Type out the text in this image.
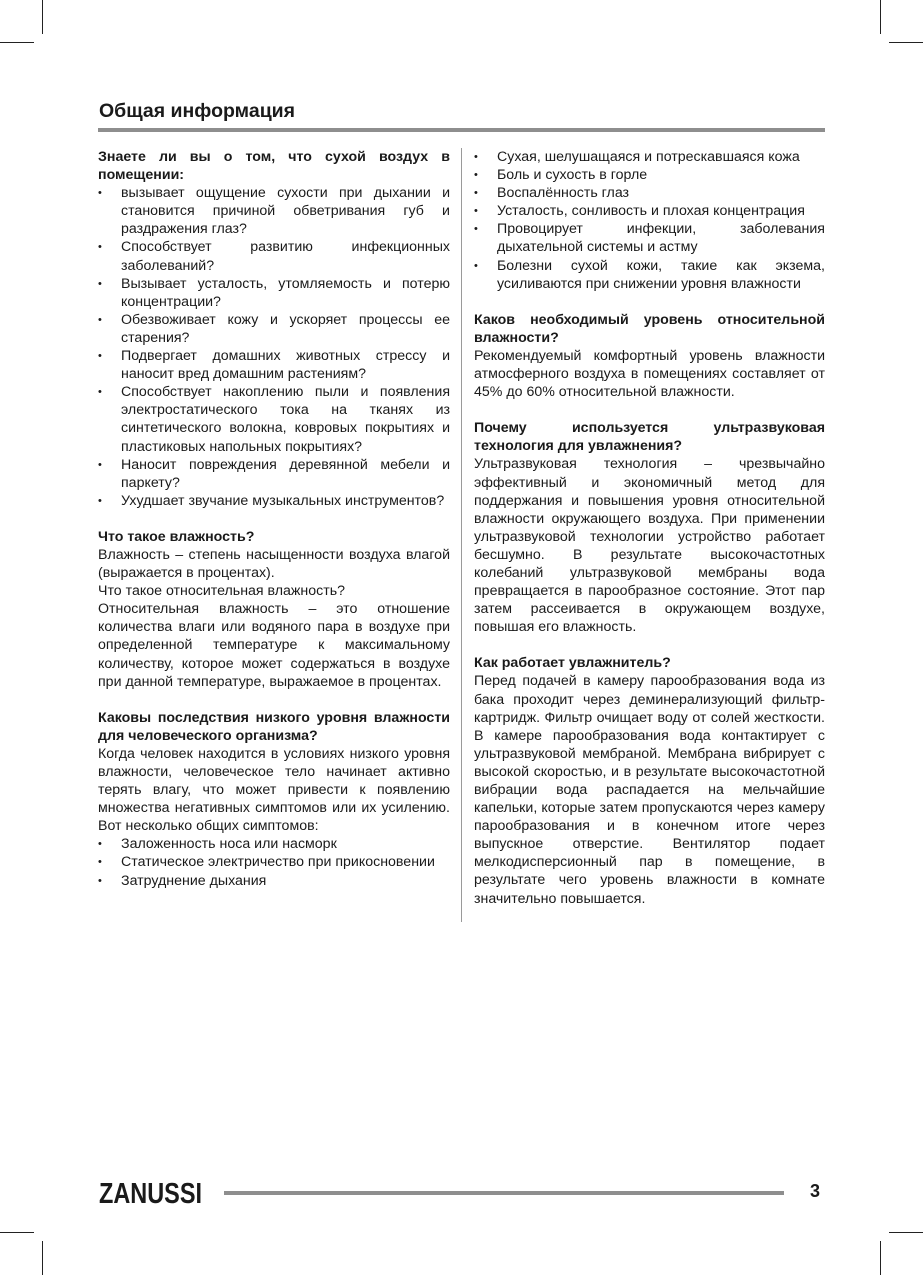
Общая информация
Знаете ли вы о том, что сухой воздух в помещении:
• вызывает ощущение сухости при дыхании и становится причиной обветривания губ и раздражения глаз?
• Способствует развитию инфекционных заболеваний?
• Вызывает усталость, утомляемость и потерю концентрации?
• Обезвоживает кожу и ускоряет процессы ее старения?
• Подвергает домашних животных стрессу и наносит вред домашним растениям?
• Способствует накоплению пыли и появления электростатического тока на тканях из синтетического волокна, ковровых покрытиях и пластиковых напольных покрытиях?
• Наносит повреждения деревянной мебели и паркету?
• Ухудшает звучание музыкальных инструментов?
Что такое влажность?

Влажность – степень насыщенности воздуха влагой (выражается в процентах).

Что такое относительная влажность?

Относительная влажность – это отношение количества влаги или водяного пара в воздухе при определенной температуре к максимальному количеству, которое может содержаться в воздухе при данной температуре, выражаемое в процентах.

Каковы последствия низкого уровня влажности для человеческого организма?

Когда человек находится в условиях низкого уровня влажности, человеческое тело начинает активно терять влагу, что может привести к появлению множества негативных симптомов или их усилению. Вот несколько общих симптомов:

• Заложенность носа или насморк
• Статическое электричество при прикосновении
• Затруднение дыхания
• Сухая, шелушащаяся и потрескавшаяся кожа
• Боль и сухость в горле
• Воспалённость глаз
• Усталость, сонливость и плохая концентрация
• Провоцирует инфекции, заболевания дыхательной системы и астму
• Болезни сухой кожи, такие как экзема, усиливаются при снижении уровня влажности
Каков необходимый уровень относительной влажности?

Рекомендуемый комфортный уровень влажности атмосферного воздуха в помещениях составляет от 45% до 60% относительной влажности.

Почему используется ультразвуковая технология для увлажнения?

Ультразвуковая технология – чрезвычайно эффективный и экономичный метод для поддержания и повышения уровня относительной влажности окружающего воздуха. При применении ультразвуковой технологии устройство работает бесшумно. В результате высокочастотных колебаний ультразвуковой мембраны вода превращается в парообразное состояние. Этот пар затем рассеивается в окружающем воздухе, повышая его влажность.

Как работает увлажнитель?

Перед подачей в камеру парообразования вода из бака проходит через деминерализующий фильтр-картридж. Фильтр очищает воду от солей жесткости. В камере парообразования вода контактирует с ультразвуковой мембраной. Мембрана вибрирует с высокой скоростью, и в результате высокочастотной вибрации вода распадается на мельчайшие капельки, которые затем пропускаются через камеру парообразования и в конечном итоге через выпускное отверстие. Вентилятор подает мелкодисперсионный пар в помещение, в результате чего уровень влажности в комнате значительно повышается.

ZANUSSI	3
